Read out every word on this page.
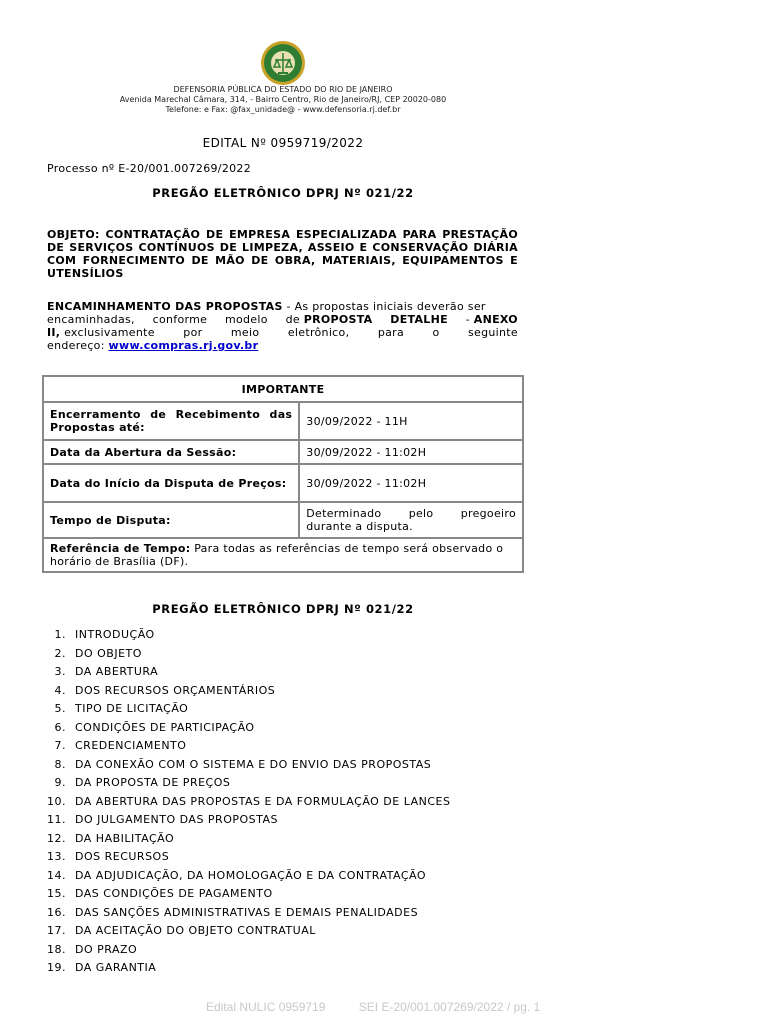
DEFENSORIA PÚBLICA DO ESTADO DO RIO DE JANEIRO
Avenida Marechal Câmara, 314, - Bairro Centro, Rio de Janeiro/RJ, CEP 20020-080
Telefone: e Fax: @fax_unidade@ - www.defensoria.rj.def.br
EDITAL Nº 0959719/2022
Processo nº E-20/001.007269/2022
PREGÃO ELETRÔNICO DPRJ Nº 021/22
OBJETO: CONTRATAÇÃO DE EMPRESA ESPECIALIZADA PARA PRESTAÇÃO DE SERVIÇOS CONTÍNUOS DE LIMPEZA, ASSEIO E CONSERVAÇÃO DIÁRIA COM FORNECIMENTO DE MÃO DE OBRA, MATERIAIS, EQUIPAMENTOS E UTENSÍLIOS
ENCAMINHAMENTO DAS PROPOSTAS - As propostas iniciais deverão ser
encaminhadas, conforme modelo de PROPOSTA DETALHE - ANEXO
II, exclusivamente	por	meio	eletrônico,	para	o	seguinte
endereço: www.compras.rj.gov.br
IMPORTANTE	
Encerramento de Recebimento das Propostas até:	30/09/2022 - 11H
Data da Abertura da Sessão:	30/09/2022 - 11:02H
Data do Início da Disputa de Preços:	30/09/2022 - 11:02H
Tempo de Disputa:	Determinado pelo pregoeiro durante a disputa.
Referência de Tempo: Para todas as referências de tempo será observado o horário de Brasília (DF).	
PREGÃO ELETRÔNICO DPRJ Nº 021/22
1. INTRODUÇÃO
2. DO OBJETO
3. DA ABERTURA
4. DOS RECURSOS ORÇAMENTÁRIOS
5. TIPO DE LICITAÇÃO
6. CONDIÇÕES DE PARTICIPAÇÃO
7. CREDENCIAMENTO
8. DA CONEXÃO COM O SISTEMA E DO ENVIO DAS PROPOSTAS
9. DA PROPOSTA DE PREÇOS
10. DA ABERTURA DAS PROPOSTAS E DA FORMULAÇÃO DE LANCES
11. DO JULGAMENTO DAS PROPOSTAS
12. DA HABILITAÇÃO
13. DOS RECURSOS
14. DA ADJUDICAÇÃO, DA HOMOLOGAÇÃO E DA CONTRATAÇÃO
15. DAS CONDIÇÕES DE PAGAMENTO
16. DAS SANÇÕES ADMINISTRATIVAS E DEMAIS PENALIDADES
17. DA ACEITAÇÃO DO OBJETO CONTRATUAL
18. DO PRAZO
19. DA GARANTIA
Edital NULIC 0959719	SEI E-20/001.007269/2022 / pg. 1
